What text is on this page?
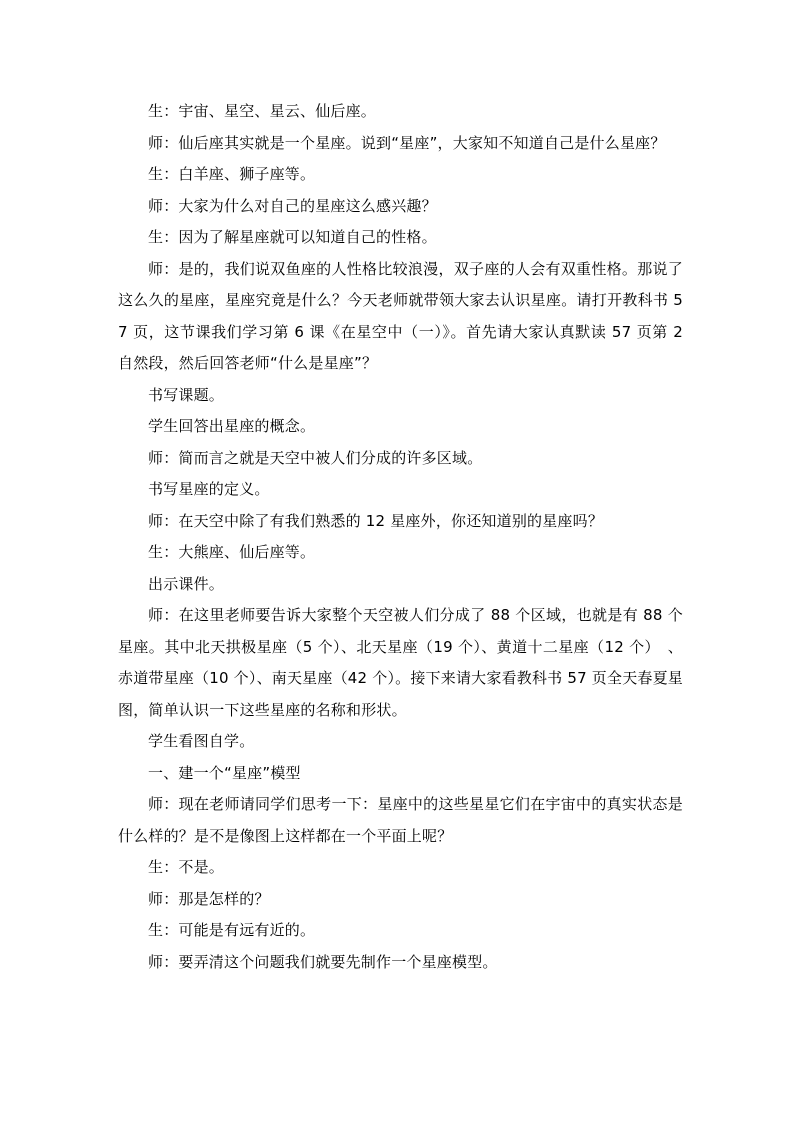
生：宇宙、星空、星云、仙后座。

师：仙后座其实就是一个星座。说到“星座”，大家知不知道自己是什么星座？

生：白羊座、狮子座等。

师：大家为什么对自己的星座这么感兴趣？

生：因为了解星座就可以知道自己的性格。

师：是的，我们说双鱼座的人性格比较浪漫，双子座的人会有双重性格。那说了这么久的星座，星座究竟是什么？今天老师就带领大家去认识星座。请打开教科书 57 页，这节课我们学习第 6 课《在星空中（一）》。首先请大家认真默读 57 页第 2 自然段，然后回答老师“什么是星座”？

书写课题。

学生回答出星座的概念。

师：简而言之就是天空中被人们分成的许多区域。

书写星座的定义。

师：在天空中除了有我们熟悉的 12 星座外，你还知道别的星座吗？

生：大熊座、仙后座等。

出示课件。

师：在这里老师要告诉大家整个天空被人们分成了 88 个区域，也就是有 88 个星座。其中北天拱极星座（5 个）、北天星座（19 个）、黄道十二星座（12 个）　、赤道带星座（10 个）、南天星座（42 个）。接下来请大家看教科书 57 页全天春夏星图，简单认识一下这些星座的名称和形状。

学生看图自学。

一、建一个“星座”模型

师：现在老师请同学们思考一下：星座中的这些星星它们在宇宙中的真实状态是什么样的？是不是像图上这样都在一个平面上呢？

生：不是。

师：那是怎样的？

生：可能是有远有近的。

师：要弄清这个问题我们就要先制作一个星座模型。
